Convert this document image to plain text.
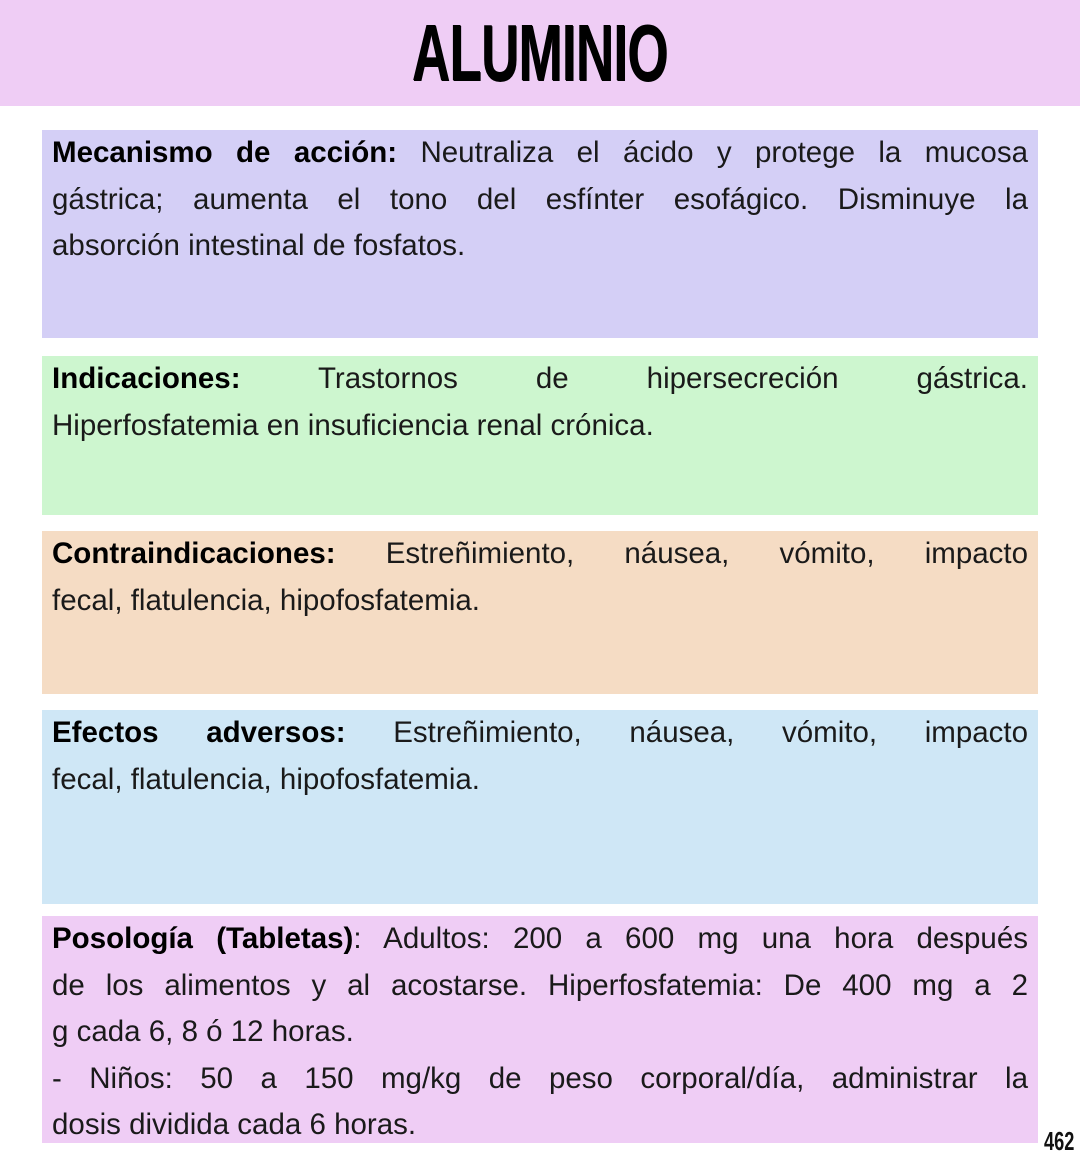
ALUMINIO
Mecanismo de acción: Neutraliza el ácido y protege la mucosa
gástrica; aumenta el tono del esfínter esofágico. Disminuye la
absorción intestinal de fosfatos.
Indicaciones: Trastornos de hipersecreción gástrica.
Hiperfosfatemia en insuficiencia renal crónica.
Contraindicaciones: Estreñimiento, náusea, vómito, impacto
fecal, flatulencia, hipofosfatemia.
Efectos adversos: Estreñimiento, náusea, vómito, impacto
fecal, flatulencia, hipofosfatemia.
Posología (Tabletas): Adultos: 200 a 600 mg una hora después
de los alimentos y al acostarse. Hiperfosfatemia: De 400 mg a 2
g cada 6, 8 ó 12 horas.
- Niños: 50 a 150 mg/kg de peso corporal/día, administrar la
dosis dividida cada 6 horas.	462
